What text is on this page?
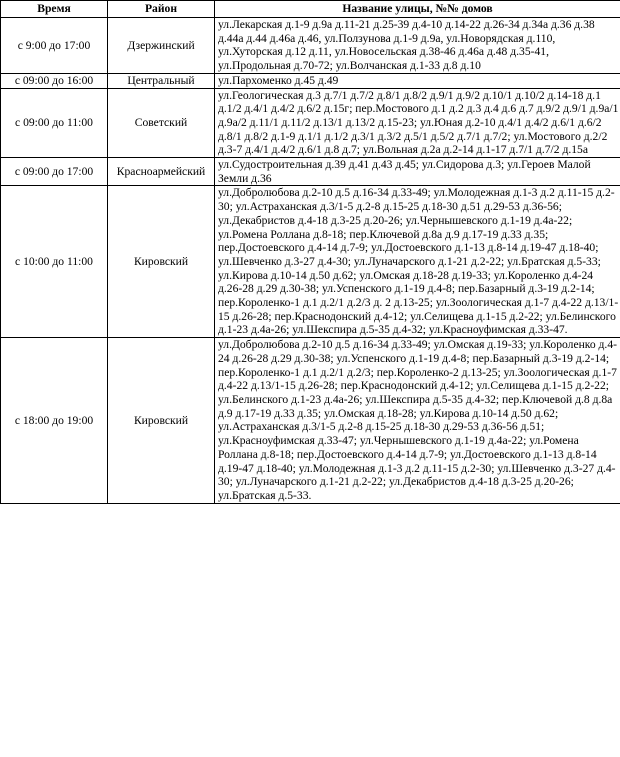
Время	Район	Название улицы, №№ домов
с 9:00 до 17:00	Дзержинский	ул.Лекарская д.1-9 д.9а д.11-21 д.25-39 д.4-10 д.14-22 д.26-34 д.34а д.36 д.38 д.44а д.44 д.46а д.46, ул.Ползунова д.1-9 д.9а, ул.Новорядская д.110, ул.Хуторская д.12 д.11, ул.Новосельская д.38-46 д.46а д.48 д.35-41, ул.Продольная д.70-72; ул.Волчанская д.1-33 д.8 д.10
с 09:00 до 16:00	Центральный	ул.Пархоменко д.45 д.49
с 09:00 до 11:00	Советский	ул.Геологическая д.3 д.7/1 д.7/2 д.8/1 д.8/2 д.9/1 д.9/2 д.10/1 д.10/2 д.14-18 д.1 д.1/2 д.4/1 д.4/2 д.6/2 д.15г; пер.Мостового д.1 д.2 д.3 д.4 д.6 д.7 д.9/2 д.9/1 д.9а/1 д.9а/2 д.11/1 д.11/2 д.13/1 д.13/2 д.15-23; ул.Юная д.2-10 д.4/1 д.4/2 д.6/1 д.6/2 д.8/1 д.8/2 д.1-9 д.1/1 д.1/2 д.3/1 д.3/2 д.5/1 д.5/2 д.7/1 д.7/2; ул.Мостового д.2/2 д.3-7 д.4/1 д.4/2 д.6/1 д.8 д.7; ул.Вольная д.2а д.2-14 д.1-17 д.7/1 д.7/2 д.15а
с 09:00 до 17:00	Красноармейский	ул.Судостроительная д.39 д.41 д.43 д.45; ул.Сидорова д.3; ул.Героев Малой Земли д.36
с 10:00 до 11:00	Кировский	ул.Добролюбова д.2-10 д.5 д.16-34 д.33-49; ул.Молодежная д.1-3 д.2 д.11-15 д.2-30; ул.Астраханская д.3/1-5 д.2-8 д.15-25 д.18-30 д.51 д.29-53 д.36-56; ул.Декабристов д.4-18 д.3-25 д.20-26; ул.Чернышевского д.1-19 д.4а-22; ул.Ромена Роллана д.8-18; пер.Ключевой д.8а д.9 д.17-19 д.33 д.35; пер.Достоевского д.4-14 д.7-9; ул.Достоевского д.1-13 д.8-14 д.19-47 д.18-40; ул.Шевченко д.3-27 д.4-30; ул.Луначарского д.1-21 д.2-22; ул.Братская д.5-33; ул.Кирова д.10-14 д.50 д.62; ул.Омская д.18-28 д.19-33; ул.Короленко д.4-24 д.26-28 д.29 д.30-38; ул.Успенского д.1-19 д.4-8; пер.Базарный д.3-19 д.2-14; пер.Короленко-1 д.1 д.2/1 д.2/3 д. 2 д.13-25; ул.Зоологическая д.1-7 д.4-22 д.13/1-15 д.26-28; пер.Краснодонский д.4-12; ул.Селищева д.1-15 д.2-22; ул.Белинского д.1-23 д.4а-26; ул.Шекспира д.5-35 д.4-32; ул.Красноуфимская д.33-47.
с 18:00 до 19:00	Кировский	ул.Добролюбова д.2-10 д.5 д.16-34 д.33-49; ул.Омская д.19-33; ул.Короленко д.4-24 д.26-28 д.29 д.30-38; ул.Успенского д.1-19 д.4-8; пер.Базарный д.3-19 д.2-14; пер.Короленко-1 д.1 д.2/1 д.2/3; пер.Короленко-2 д.13-25; ул.Зоологическая д.1-7 д.4-22 д.13/1-15 д.26-28; пер.Краснодонский д.4-12; ул.Селищева д.1-15 д.2-22; ул.Белинского д.1-23 д.4а-26; ул.Шекспира д.5-35 д.4-32; пер.Ключевой д.8 д.8а д.9 д.17-19 д.33 д.35; ул.Омская д.18-28; ул.Кирова д.10-14 д.50 д.62; ул.Астраханская д.3/1-5 д.2-8 д.15-25 д.18-30 д.29-53 д.36-56 д.51; ул.Красноуфимская д.33-47; ул.Чернышевского д.1-19 д.4а-22; ул.Ромена Роллана д.8-18; пер.Достоевского д.4-14 д.7-9; ул.Достоевского д.1-13 д.8-14 д.19-47 д.18-40; ул.Молодежная д.1-3 д.2 д.11-15 д.2-30; ул.Шевченко д.3-27 д.4-30; ул.Луначарского д.1-21 д.2-22; ул.Декабристов д.4-18 д.3-25 д.20-26; ул.Братская д.5-33.
